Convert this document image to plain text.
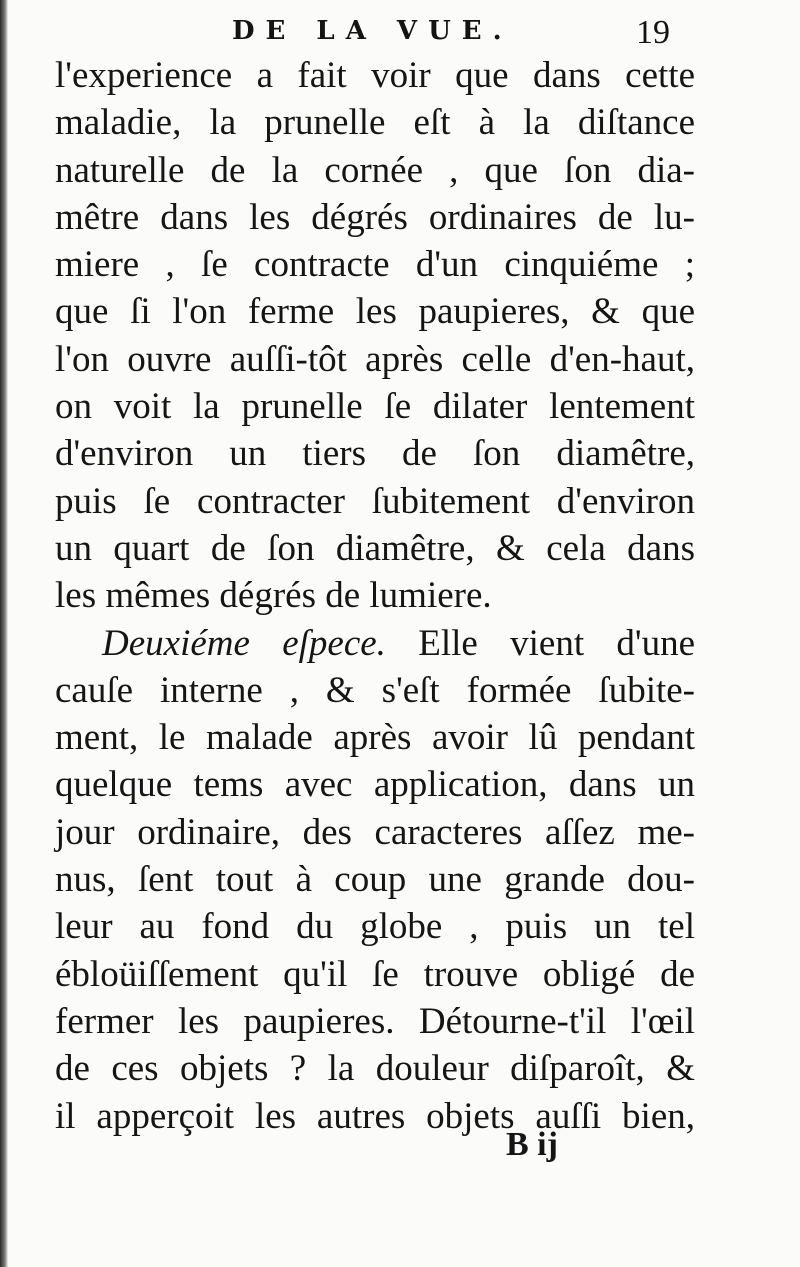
DE LA VUE.	19
l'experience a fait voir que dans cette
maladie, la prunelle eſt à la diſtance
naturelle de la cornée , que ſon dia-
mêtre dans les dégrés ordinaires de lu-
miere , ſe contracte d'un cinquiéme ;
que ſi l'on ferme les paupieres, & que
l'on ouvre auſſi-tôt après celle d'en-haut,
on voit la prunelle ſe dilater lentement
d'environ un tiers de ſon diamêtre,
puis ſe contracter ſubitement d'environ
un quart de ſon diamêtre, & cela dans
les mêmes dégrés de lumiere.
Deuxiéme eſpece. Elle vient d'une
cauſe interne , & s'eſt formée ſubite-
ment, le malade après avoir lû pendant
quelque tems avec application, dans un
jour ordinaire, des caracteres aſſez me-
nus, ſent tout à coup une grande dou-
leur au fond du globe , puis un tel
ébloüiſſement qu'il ſe trouve obligé de
fermer les paupieres. Détourne-t'il l'œil
de ces objets ? la douleur diſparoît, &
il apperçoit les autres objets auſſi bien,
B ij
